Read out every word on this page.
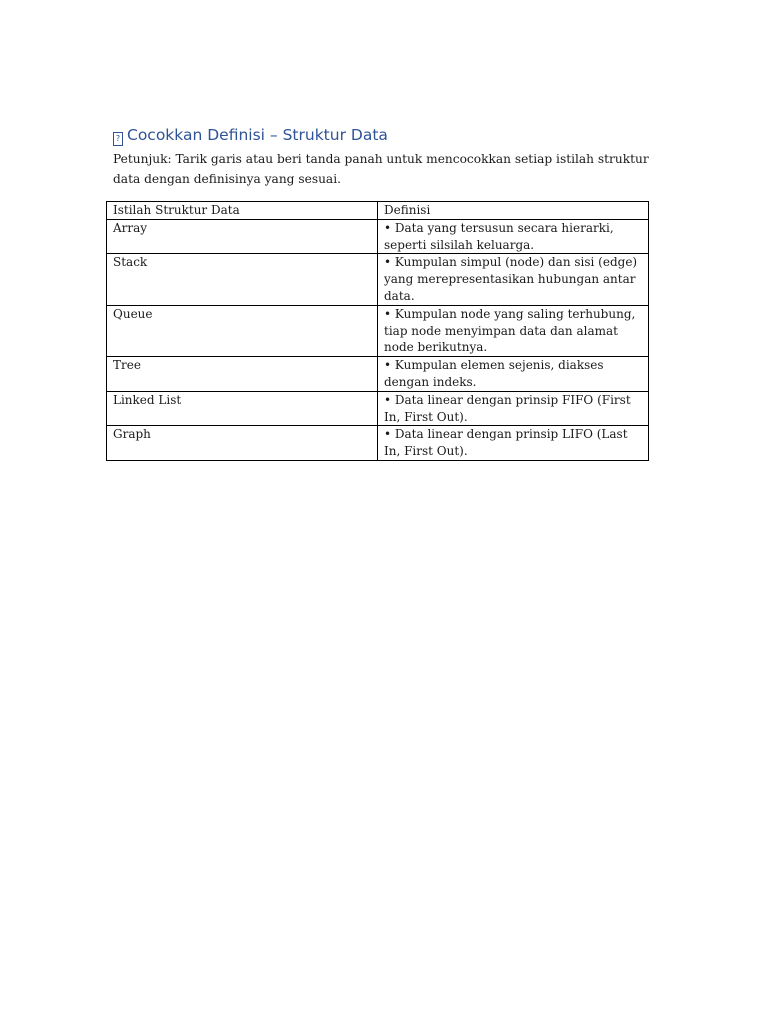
? Cocokkan Definisi – Struktur Data
Petunjuk: Tarik garis atau beri tanda panah untuk mencocokkan setiap istilah struktur data dengan definisinya yang sesuai.
Istilah Struktur Data	Definisi
Array	• Data yang tersusun secara hierarki, seperti silsilah keluarga.
Stack	• Kumpulan simpul (node) dan sisi (edge) yang merepresentasikan hubungan antar data.
Queue	• Kumpulan node yang saling terhubung, tiap node menyimpan data dan alamat node berikutnya.
Tree	• Kumpulan elemen sejenis, diakses dengan indeks.
Linked List	• Data linear dengan prinsip FIFO (First In, First Out).
Graph	• Data linear dengan prinsip LIFO (Last In, First Out).
